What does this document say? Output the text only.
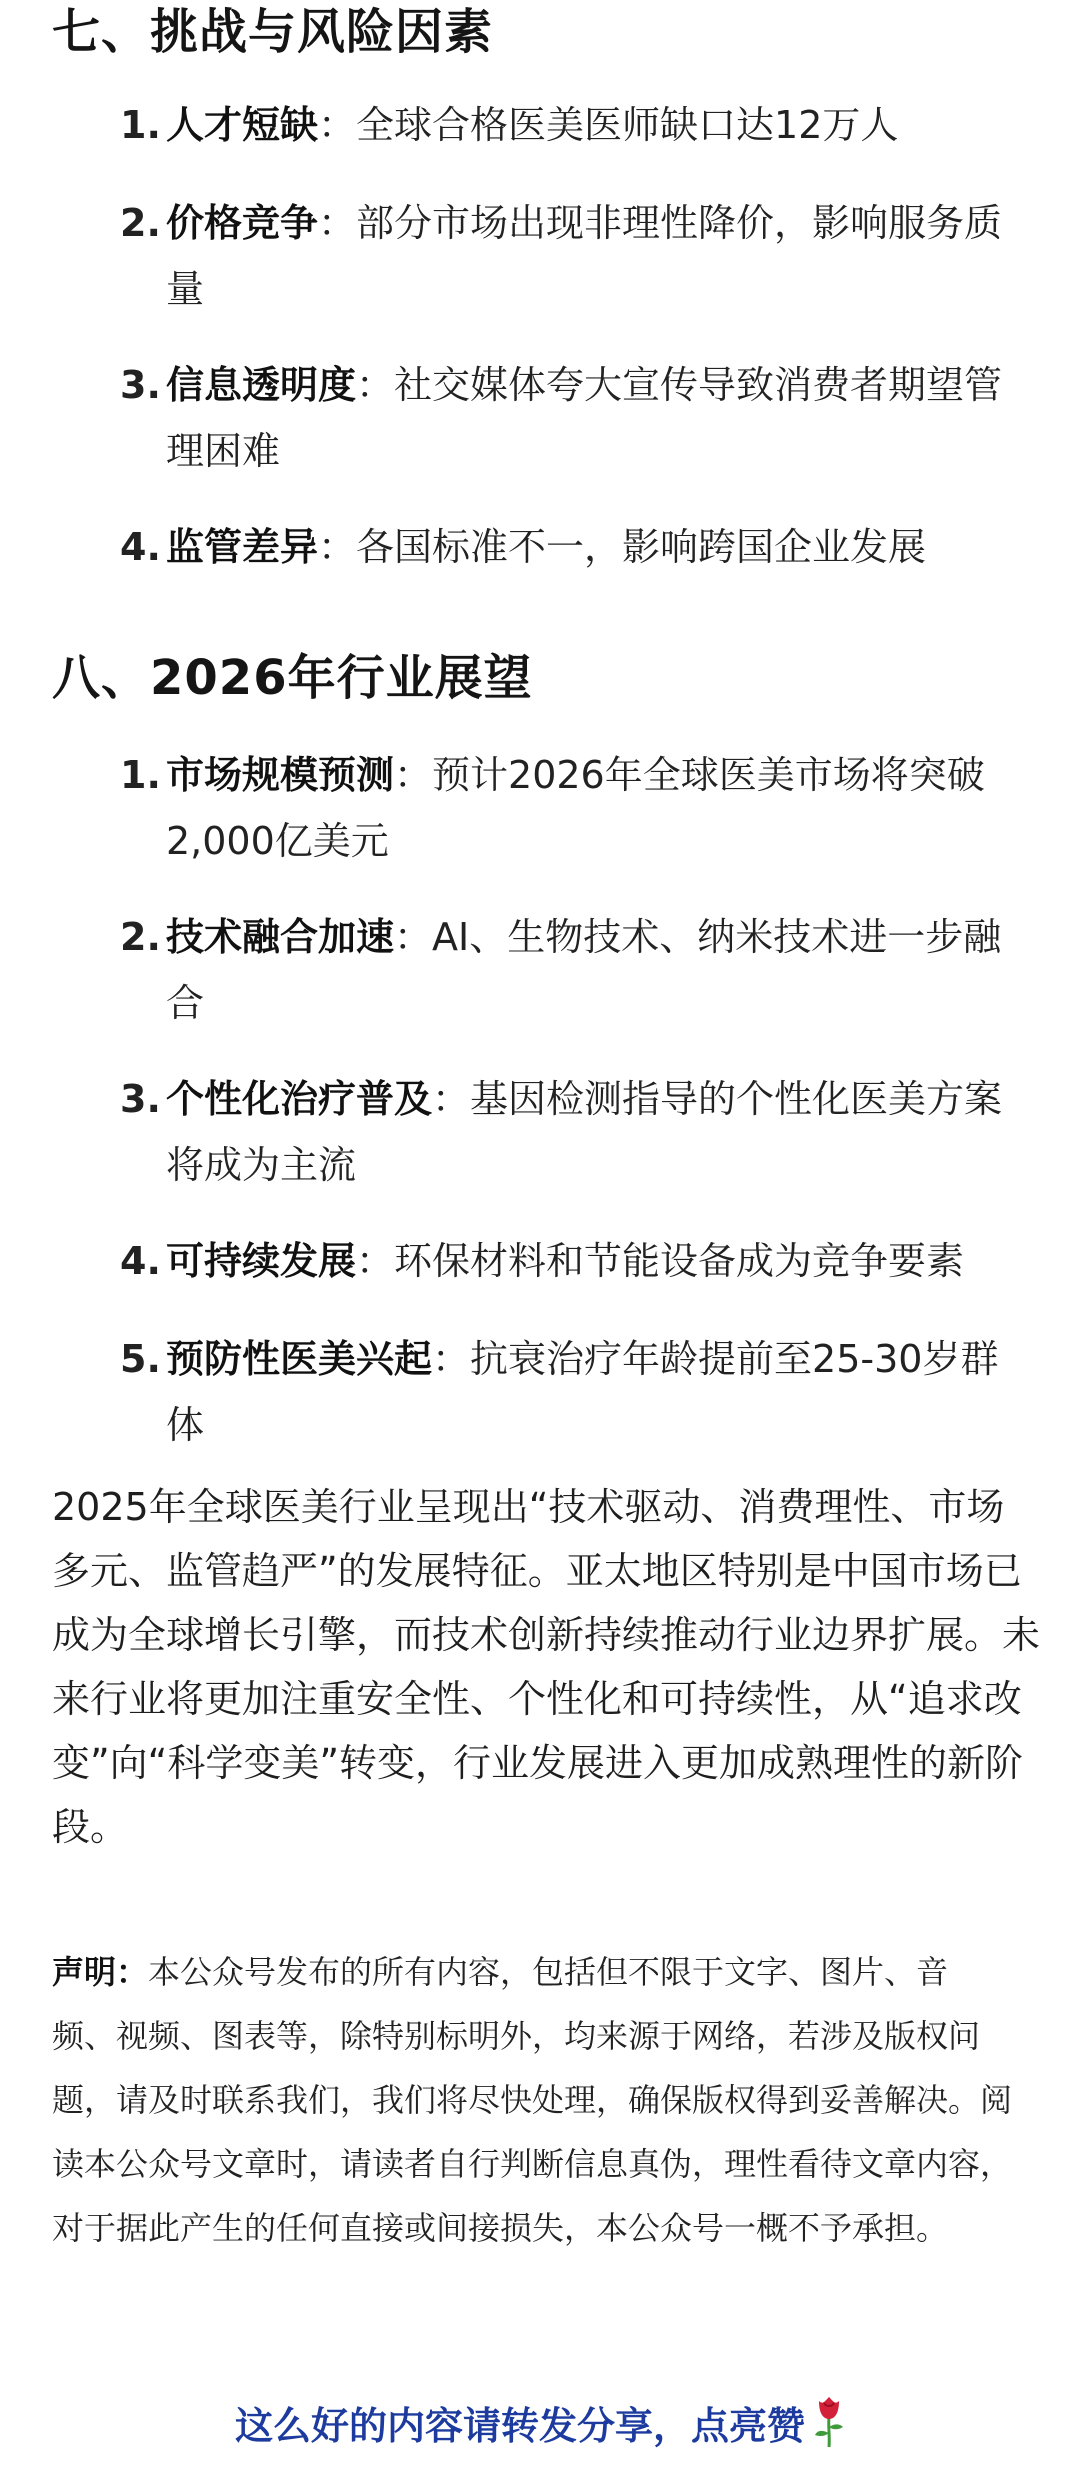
七、挑战与风险因素
1. 人才短缺：全球合格医美医师缺口达12万人
2. 价格竞争：部分市场出现非理性降价，影响服务质量
3. 信息透明度：社交媒体夸大宣传导致消费者期望管理困难
4. 监管差异：各国标准不一，影响跨国企业发展
八、2026年行业展望
1. 市场规模预测：预计2026年全球医美市场将突破2,000亿美元
2. 技术融合加速：AI、生物技术、纳米技术进一步融合
3. 个性化治疗普及：基因检测指导的个性化医美方案将成为主流
4. 可持续发展：环保材料和节能设备成为竞争要素
5. 预防性医美兴起：抗衰治疗年龄提前至25-30岁群体

2025年全球医美行业呈现出“技术驱动、消费理性、市场多元、监管趋严”的发展特征。亚太地区特别是中国市场已成为全球增长引擎，而技术创新持续推动行业边界扩展。未来行业将更加注重安全性、个性化和可持续性，从“追求改变”向“科学变美”转变，行业发展进入更加成熟理性的新阶段。

声明：本公众号发布的所有内容，包括但不限于文字、图片、音频、视频、图表等，除特别标明外，均来源于网络，若涉及版权问题，请及时联系我们，我们将尽快处理，确保版权得到妥善解决。阅读本公众号文章时，请读者自行判断信息真伪，理性看待文章内容，对于据此产生的任何直接或间接损失，本公众号一概不予承担。

这么好的内容请转发分享，点亮赞
